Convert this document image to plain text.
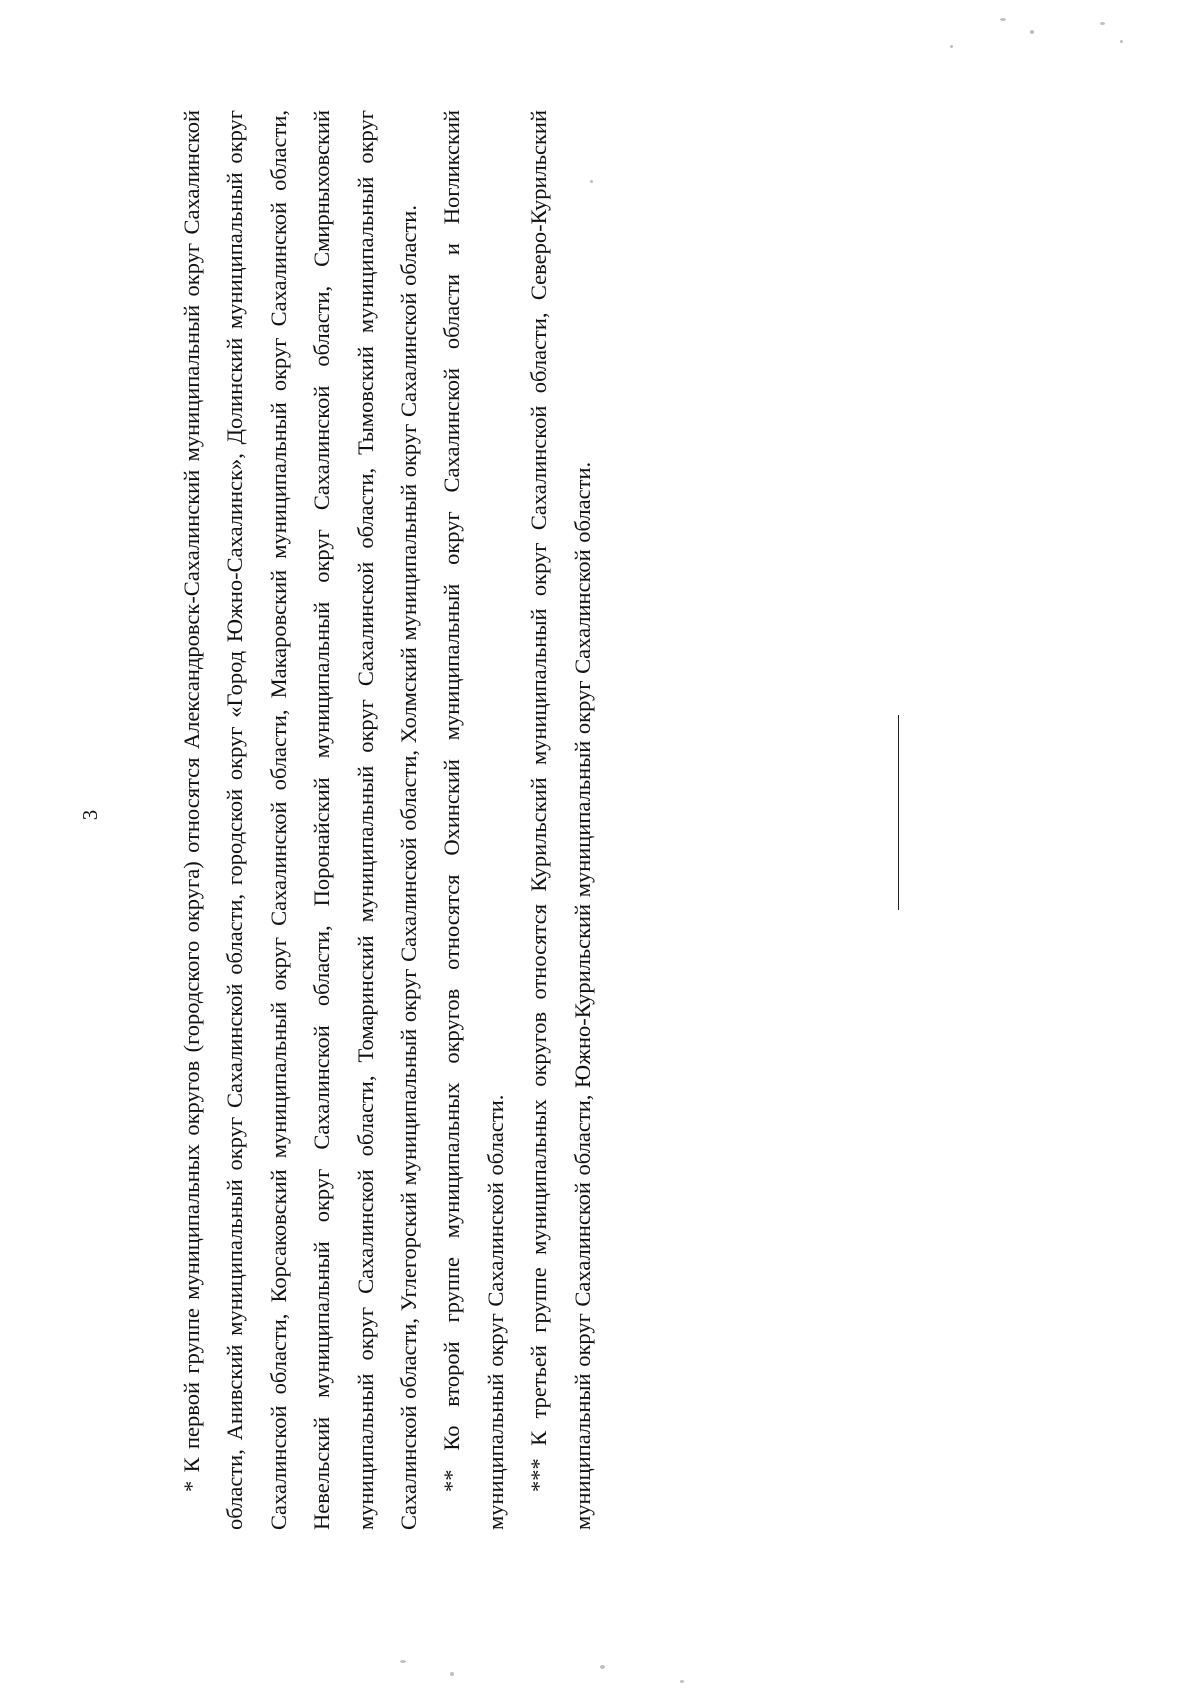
3

* К первой группе муниципальных округов (городского округа) относятся Александровск-Сахалинский муниципальный округ Сахалинской области, Анивский муниципальный округ Сахалинской области, городской округ «Город Южно-Сахалинск», Долинский муниципальный округ Сахалинской области, Корсаковский муниципальный округ Сахалинской области, Макаровский муниципальный округ Сахалинской области, Невельский муниципальный округ Сахалинской области, Поронайский муниципальный округ Сахалинской области, Смирныховский муниципальный округ Сахалинской области, Томаринский муниципальный округ Сахалинской области, Тымовский муниципальный округ Сахалинской области, Углегорский муниципальный округ Сахалинской области, Холмский муниципальный округ Сахалинской области. ** Ко второй группе муниципальных округов относятся Охинский муниципальный округ Сахалинской области и Ногликский муниципальный округ Сахалинской области. *** К третьей группе муниципальных округов относятся Курильский муниципальный округ Сахалинской области, Северо-Курильский муниципальный округ Сахалинской области, Южно-Курильский муниципальный округ Сахалинской области.
